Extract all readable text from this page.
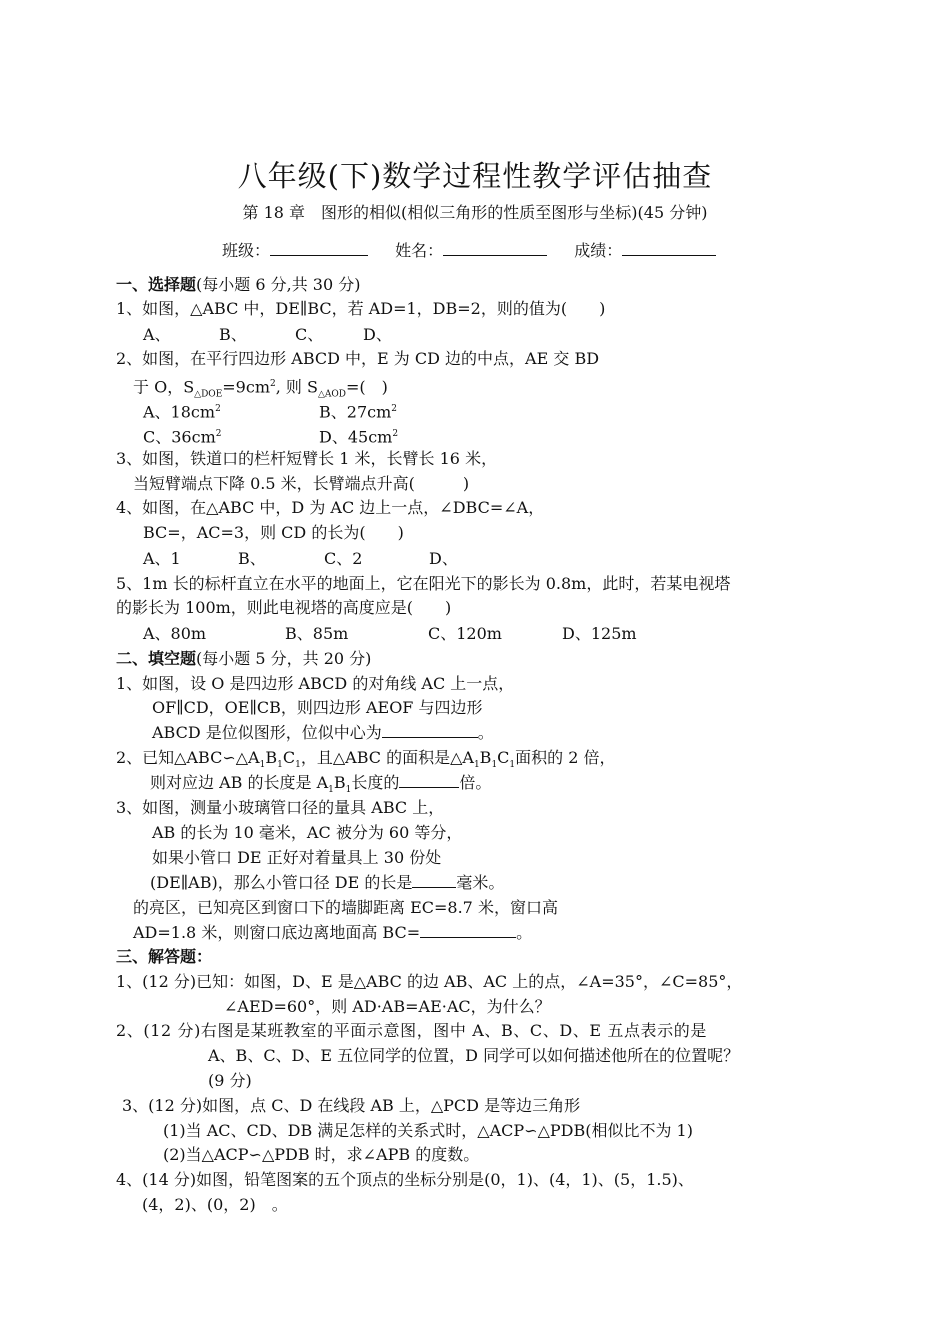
八年级(下)数学过程性教学评估抽查
第 18 章　图形的相似(相似三角形的性质至图形与坐标)(45 分钟)
班级：	姓名：	成绩：
一、选择题(每小题 6 分,共 30 分)
1、如图，△ABC 中，DE∥BC，若 AD=1，DB=2，则的值为(　　)
A、	B、	C、 D、
2、如图，在平行四边形 ABCD 中，E 为 CD 边的中点，AE 交 BD
于 O，$S_{\triangle DOE}=9cm^2$, 则 $S_{\triangle AOD}=$(　)
A、$18cm^2$	B、$27cm^2$
C、$36cm^2$	D、$45cm^2$
3、如图，铁道口的栏杆短臂长 1 米，长臂长 16 米，
当短臂端点下降 0.5 米，长臂端点升高(　　　)
4、如图，在△ABC 中，D 为 AC 边上一点，∠DBC=∠A，
BC=，AC=3，则 CD 的长为(　　)
A、1	B、	C、2	D、
5、1m 长的标杆直立在水平的地面上，它在阳光下的影长为 0.8m，此时，若某电视塔
的影长为 100m，则此电视塔的高度应是(　　)
A、80m	B、85m	C、120m	D、125m
二、填空题(每小题 5 分，共 20 分)
1、如图，设 O 是四边形 ABCD 的对角线 AC 上一点，
OF∥CD，OE∥CB，则四边形 AEOF 与四边形
ABCD 是位似图形，位似中心为	。
2、已知$\triangle ABC∽\triangle A_1B_1C_1$，且△ABC 的面积是$\triangle A_1B_1C_1$面积的 2 倍，
则对应边 AB 的长度是 $A_1B_1$长度的	倍。
3、如图，测量小玻璃管口径的量具 ABC 上，
AB 的长为 10 毫米，AC 被分为 60 等分，
如果小管口 DE 正好对着量具上 30 份处
(DE∥AB)，那么小管口径 DE 的长是	毫米。
的亮区，已知亮区到窗口下的墙脚距离 EC=8.7 米，窗口高
AD=1.8 米，则窗口底边离地面高 BC=	。
三、解答题：
1、(12 分)已知：如图，D、E 是△ABC 的边 AB、AC 上的点，∠A=35°，∠C=85°，
∠AED=60°，则 AD·AB=AE·AC，为什么？
2、(12 分)右图是某班教室的平面示意图，图中 A、B、C、D、E 五点表示的是
A、B、C、D、E 五位同学的位置，D 同学可以如何描述他所在的位置呢？
(9 分)
3、(12 分)如图，点 C、D 在线段 AB 上，△PCD 是等边三角形
(1)当 AC、CD、DB 满足怎样的关系式时，△ACP∽△PDB(相似比不为 1)
(2)当△ACP∽△PDB 时，求∠APB 的度数。
4、(14 分)如图，铅笔图案的五个顶点的坐标分别是(0，1)、(4，1)、(5，1.5)、
(4，2)、(0，2)　。
